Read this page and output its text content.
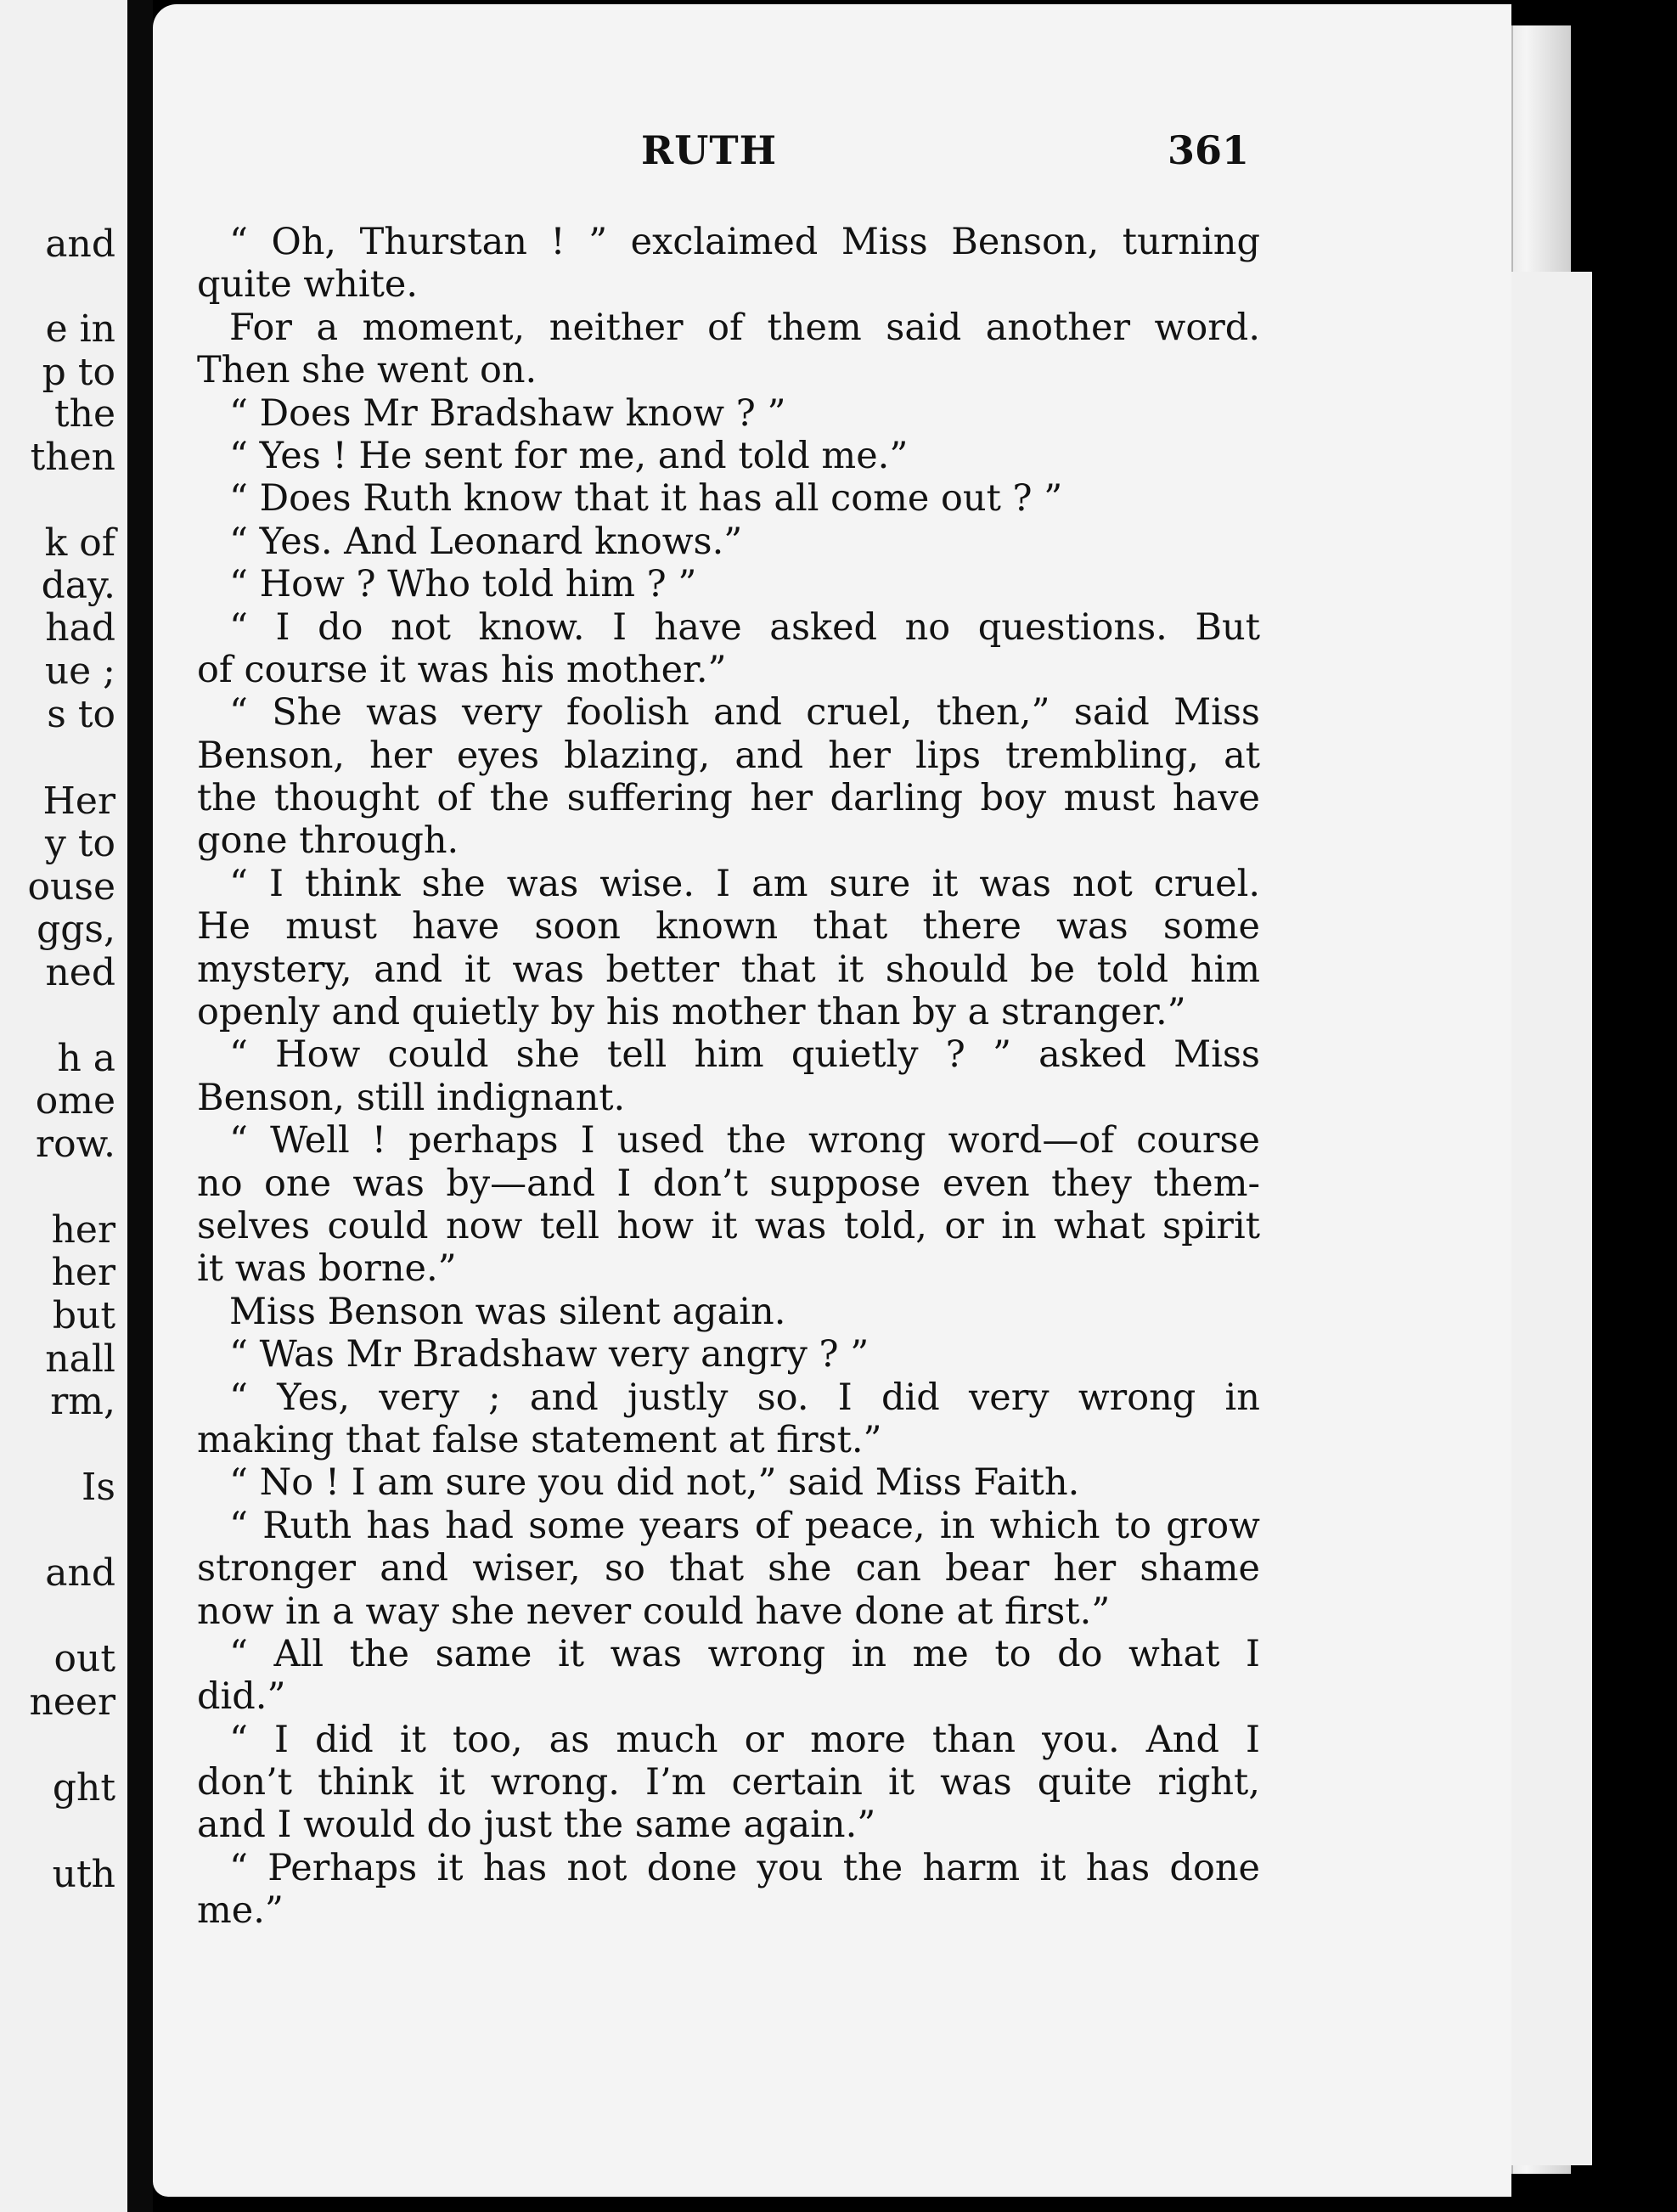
and
e in
p to
the
then
k of
day.
had
ue ;
s to
Her
y to
ouse
ggs,
ned
h a
ome
row.
her
her
but
nall
rm,
Is
and
out
neer
ght
uth
RUTH	361
“ Oh, Thurstan ! ” exclaimed Miss Benson, turning
quite white.
For a moment, neither of them said another word.
Then she went on.
“ Does Mr Bradshaw know ? ”
“ Yes ! He sent for me, and told me.”
“ Does Ruth know that it has all come out ? ”
“ Yes. And Leonard knows.”
“ How ? Who told him ? ”
“ I do not know. I have asked no questions. But
of course it was his mother.”
“ She was very foolish and cruel, then,” said Miss
Benson, her eyes blazing, and her lips trembling, at
the thought of the suffering her darling boy must have
gone through.
“ I think she was wise. I am sure it was not cruel.
He must have soon known that there was some
mystery, and it was better that it should be told him
openly and quietly by his mother than by a stranger.”
“ How could she tell him quietly ? ” asked Miss
Benson, still indignant.
“ Well ! perhaps I used the wrong word—of course
no one was by—and I don’t suppose even they them-
selves could now tell how it was told, or in what spirit
it was borne.”
Miss Benson was silent again.
“ Was Mr Bradshaw very angry ? ”
“ Yes, very ; and justly so. I did very wrong in
making that false statement at first.”
“ No ! I am sure you did not,” said Miss Faith.
“ Ruth has had some years of peace, in which to grow
stronger and wiser, so that she can bear her shame
now in a way she never could have done at first.”
“ All the same it was wrong in me to do what I
did.”
“ I did it too, as much or more than you. And I
don’t think it wrong. I’m certain it was quite right,
and I would do just the same again.”
“ Perhaps it has not done you the harm it has done
me.”
